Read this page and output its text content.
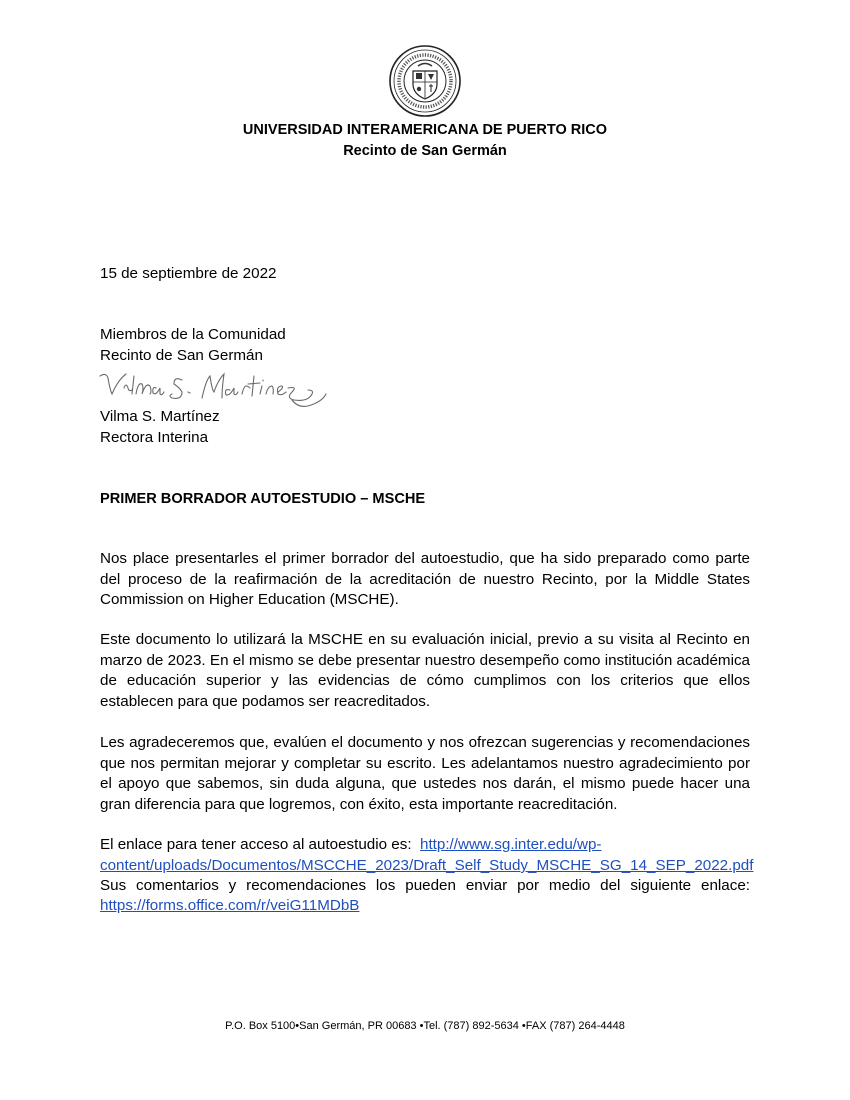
UNIVERSIDAD INTERAMERICANA DE PUERTO RICO
Recinto de San Germán
15 de septiembre de 2022
Miembros de la Comunidad
Recinto de San Germán
Vilma S. Martínez
Rectora Interina
PRIMER BORRADOR AUTOESTUDIO – MSCHE
Nos place presentarles el primer borrador del autoestudio, que ha sido preparado como parte del proceso de la reafirmación de la acreditación de nuestro Recinto, por la Middle States Commission on Higher Education (MSCHE).
Este documento lo utilizará la MSCHE en su evaluación inicial, previo a su visita al Recinto en marzo de 2023. En el mismo se debe presentar nuestro desempeño como institución académica de educación superior y las evidencias de cómo cumplimos con los criterios que ellos establecen para que podamos ser reacreditados.
Les agradeceremos que, evalúen el documento y nos ofrezcan sugerencias y recomendaciones que nos permitan mejorar y completar su escrito. Les adelantamos nuestro agradecimiento por el apoyo que sabemos, sin duda alguna, que ustedes nos darán, el mismo puede hacer una gran diferencia para que logremos, con éxito, esta importante reacreditación.
El enlace para tener acceso al autoestudio es: http://www.sg.inter.edu/wp-
content/uploads/Documentos/MSCCHE_2023/Draft_Self_Study_MSCHE_SG_14_SEP_2022.pdf
Sus comentarios y recomendaciones los pueden enviar por medio del siguiente enlace:
https://forms.office.com/r/veiG11MDbB
P.O. Box 5100•San Germán, PR 00683 •Tel. (787) 892-5634 •FAX (787) 264-4448
